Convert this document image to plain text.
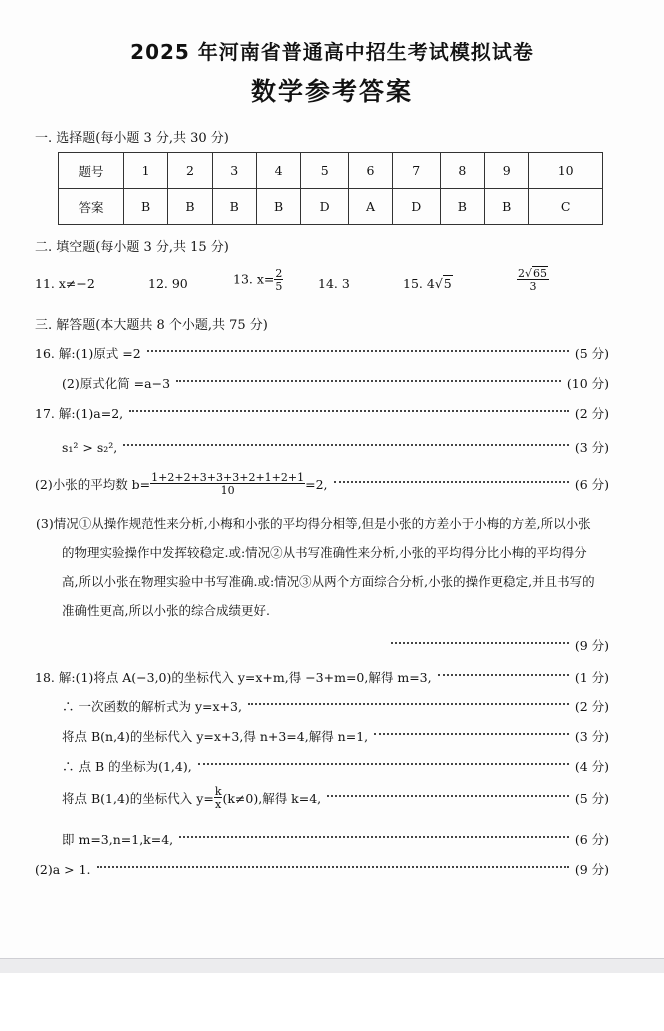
2025 年河南省普通高中招生考试模拟试卷
数学参考答案
一. 选择题(每小题 3 分,共 30 分)
题号	1	2	3	4	5	6	7	8	9	10
答案	B	B	B	B	D	A	D	B	B	C
二. 填空题(每小题 3 分,共 15 分)
11. x≠−2	12. 90	13. $x= \frac{2}{5}$	14. 3	15. 4√5	$\frac{2√65}{3}$
三. 解答题(本大题共 8 个小题,共 75 分)
16. 解:(1)原式 =2	(5 分)
(2)原式化简 =a−3	(10 分)
17. 解:(1)a=2,	(2 分)
s₁² > s₂²,	(3 分)
(2)小张的平均数 $b= \frac{1+2+2+3+3+3+2+1+2+1}{10} =2$,	(6 分)
(3)情况①从操作规范性来分析,小梅和小张的平均得分相等,但是小张的方差小于小梅的方差,所以小张的物理实验操作中发挥较稳定.或:情况②从书写准确性来分析,小张的平均得分比小梅的平均得分高,所以小张在物理实验中书写准确.或:情况③从两个方面综合分析,小张的操作更稳定,并且书写的准确性更高,所以小张的综合成绩更好.
(9 分)
18. 解:(1)将点 A(−3,0)的坐标代入 y=x+m,得 −3+m=0,解得 m=3,	(1 分)
∴ 一次函数的解析式为 y=x+3,	(2 分)
将点 B(n,4)的坐标代入 y=x+3,得 n+3=4,解得 n=1,	(3 分)
∴ 点 B 的坐标为(1,4),	(4 分)
将点 B(1,4)的坐标代入 $y= \frac{k}{x} (k\ne 0)$,解得 k=4,	(5 分)
即 m=3,n=1,k=4,	(6 分)
(2)a > 1.	(9 分)
